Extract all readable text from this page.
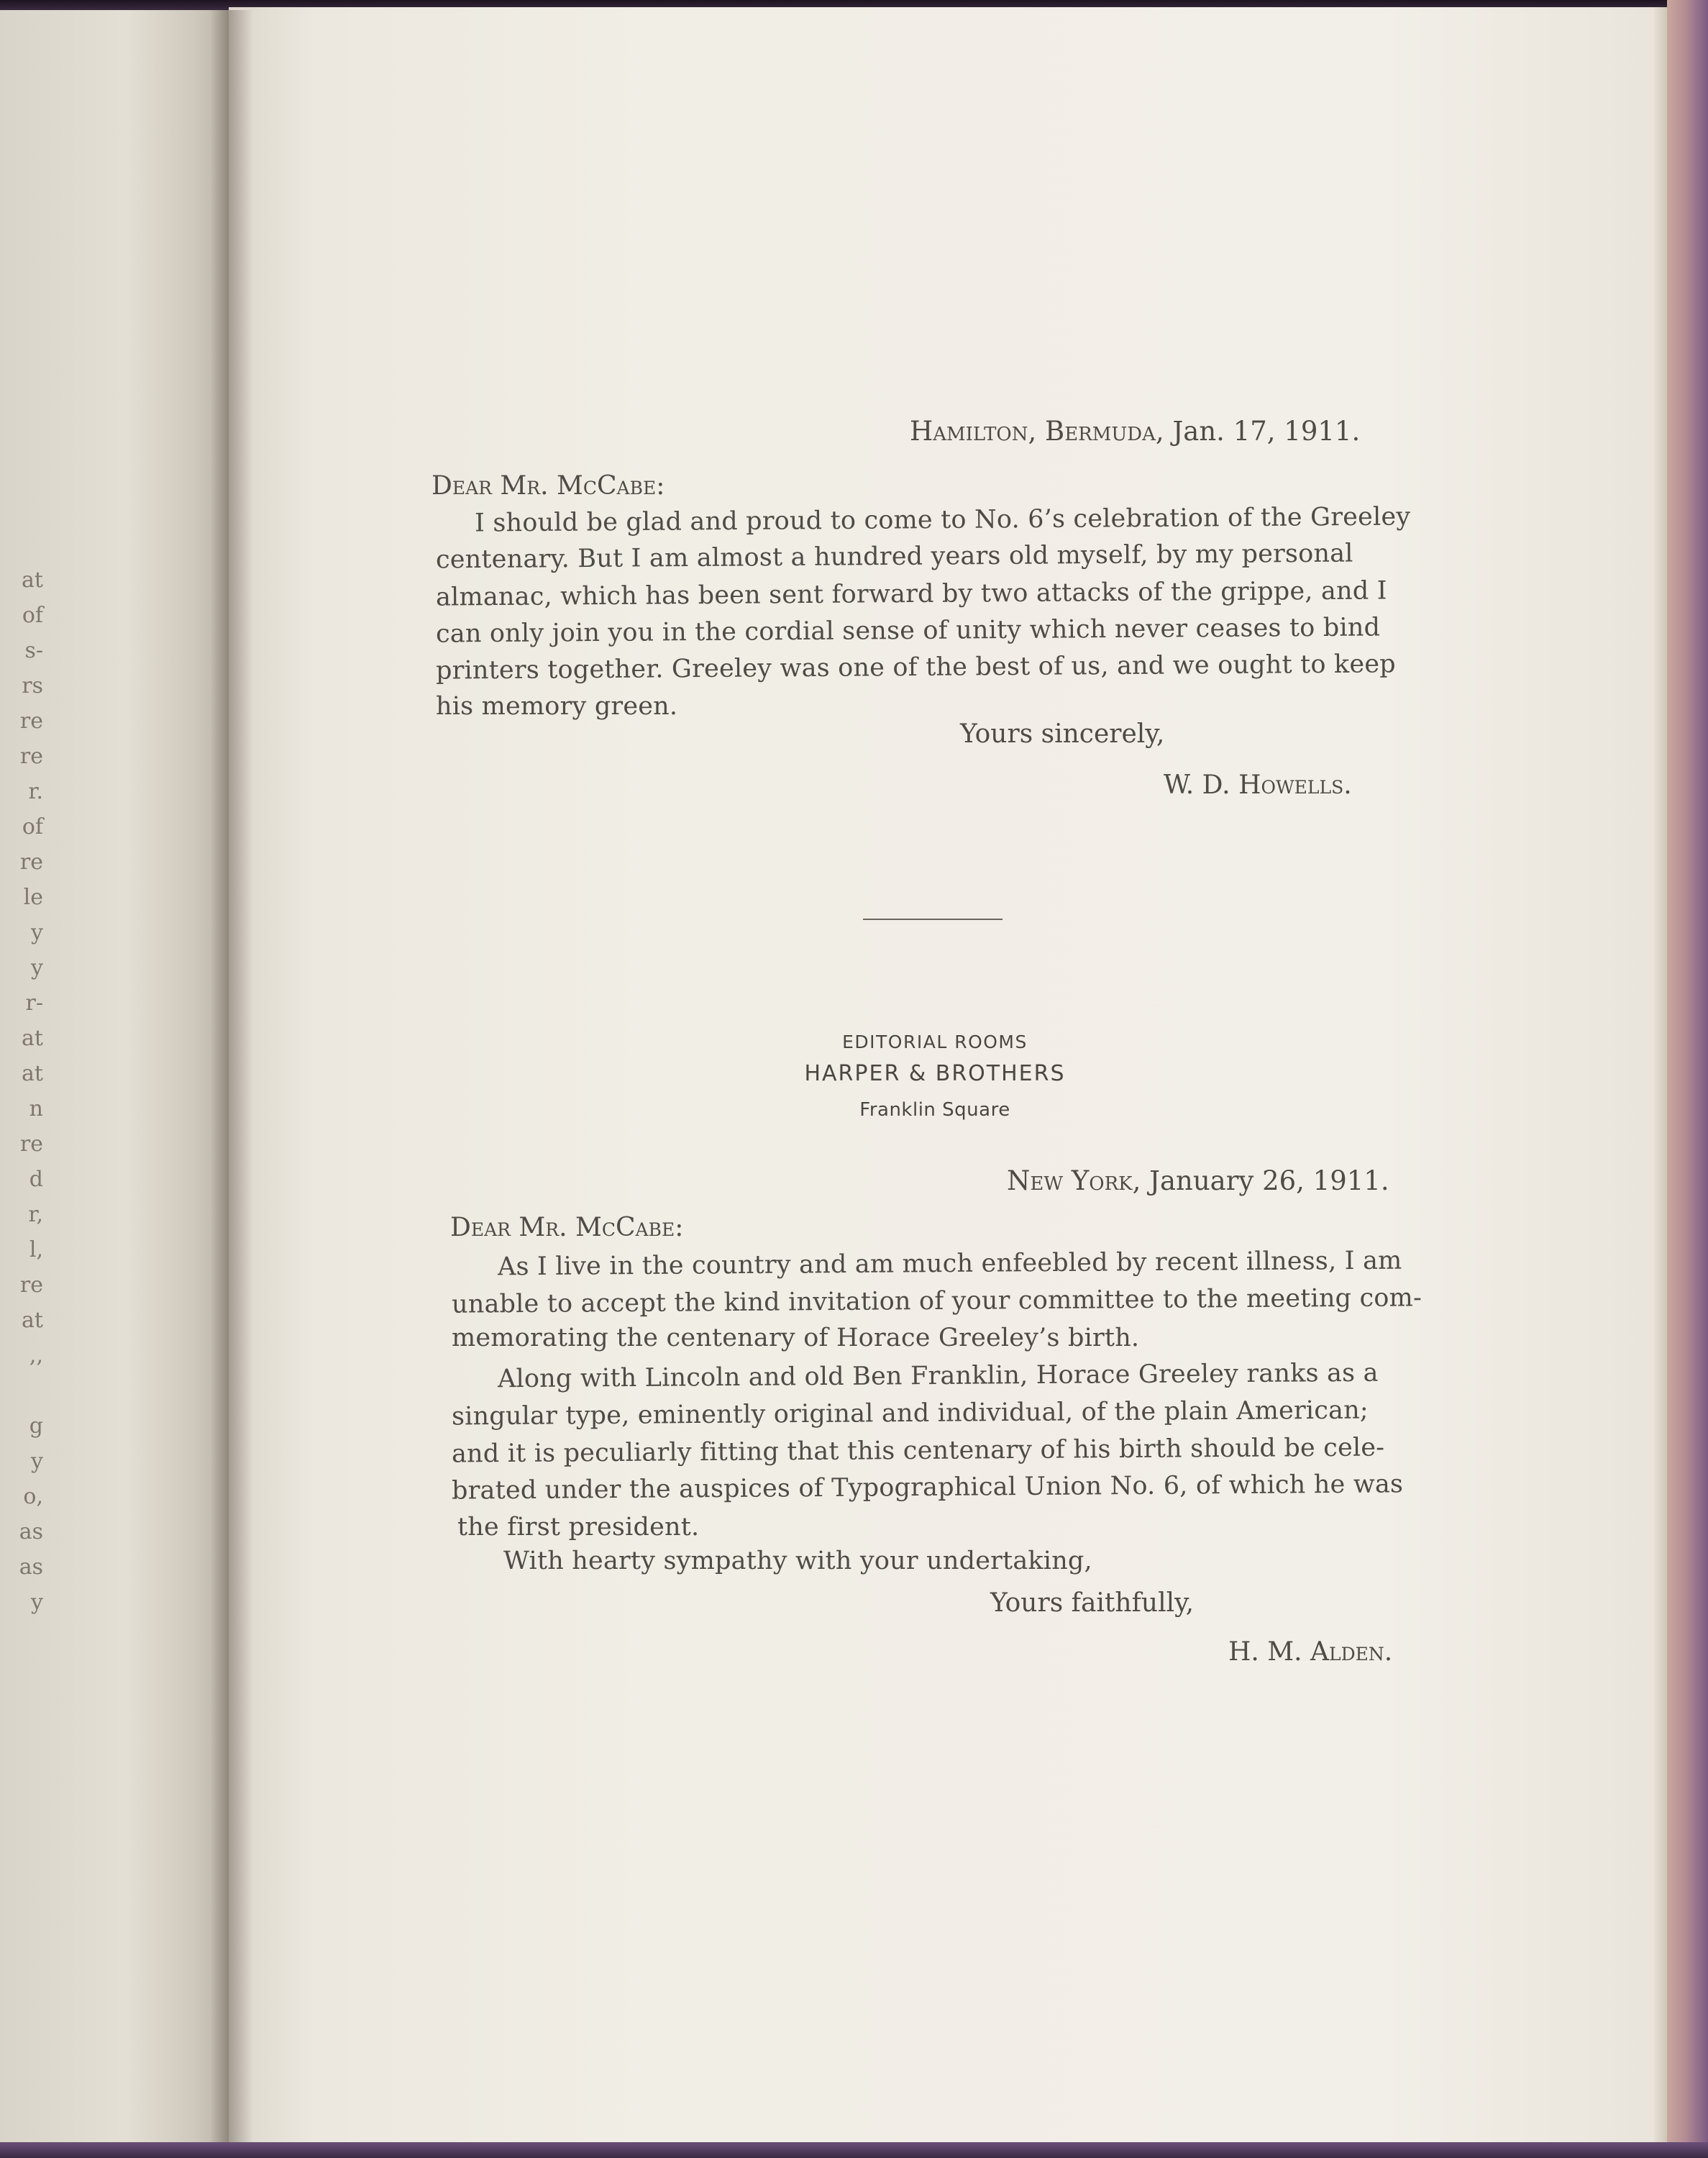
at
of
s-
rs
re
re
r.
of
re
le
y
y
r-
at
at
n
re
d
r,
l,
re
at
,,
g
y
o,
as
as
y
Hamilton, Bermuda, Jan. 17, 1911.
Dear Mr. McCabe:
I should be glad and proud to come to No. 6’s celebration of the Greeley
centenary. But I am almost a hundred years old myself, by my personal
almanac, which has been sent forward by two attacks of the grippe, and I
can only join you in the cordial sense of unity which never ceases to bind
printers together. Greeley was one of the best of us, and we ought to keep
his memory green.
Yours sincerely,
W. D. Howells.
EDITORIAL ROOMS
HARPER & BROTHERS
Franklin Square
New York, January 26, 1911.
Dear Mr. McCabe:
As I live in the country and am much enfeebled by recent illness, I am
unable to accept the kind invitation of your committee to the meeting com-
memorating the centenary of Horace Greeley’s birth.
Along with Lincoln and old Ben Franklin, Horace Greeley ranks as a
singular type, eminently original and individual, of the plain American;
and it is peculiarly fitting that this centenary of his birth should be cele-
brated under the auspices of Typographical Union No. 6, of which he was
the first president.
With hearty sympathy with your undertaking,
Yours faithfully,
H. M. Alden.
